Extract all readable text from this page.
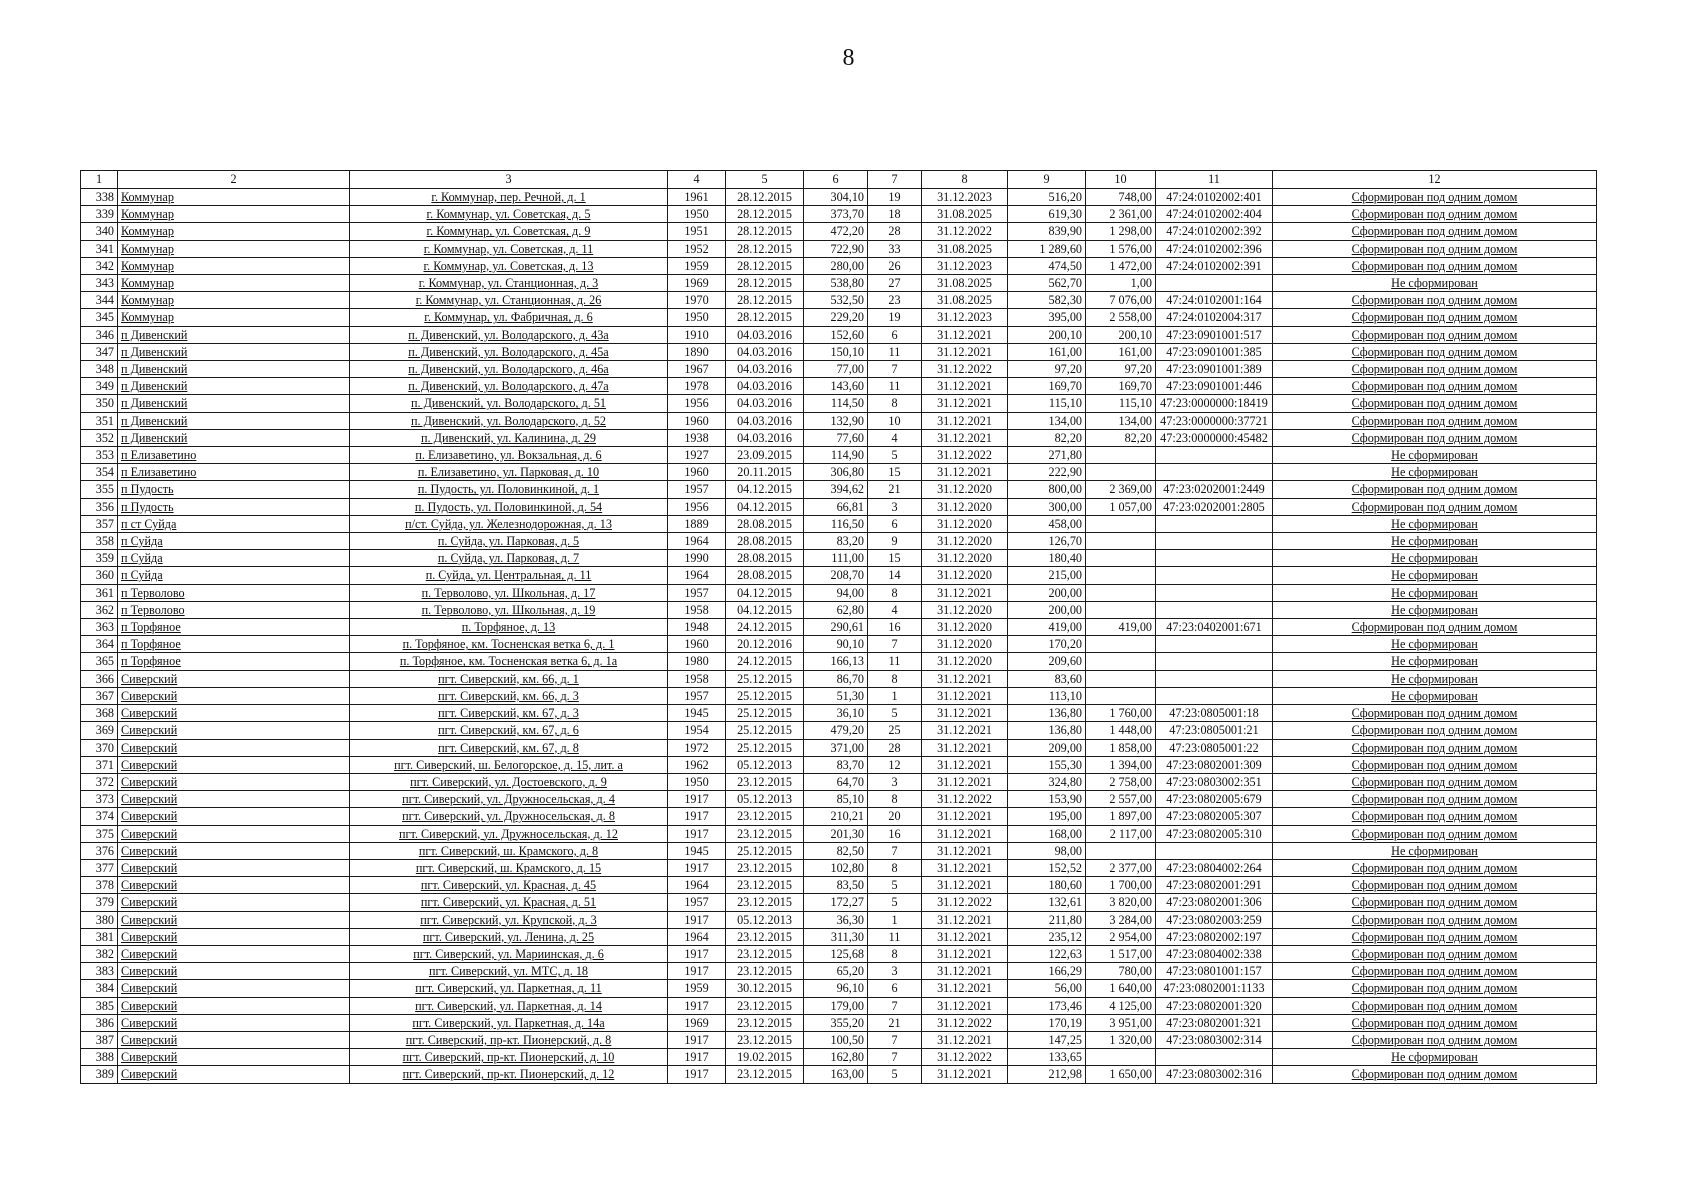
8
1	2	3	4	5	6	7	8	9	10	11	12
338	Коммунар	г. Коммунар, пер. Речной, д. 1	1961	28.12.2015	304,10	19	31.12.2023	516,20	748,00	47:24:0102002:401	Сформирован под одним домом
339	Коммунар	г. Коммунар, ул. Советская, д. 5	1950	28.12.2015	373,70	18	31.08.2025	619,30	2 361,00	47:24:0102002:404	Сформирован под одним домом
340	Коммунар	г. Коммунар, ул. Советская, д. 9	1951	28.12.2015	472,20	28	31.12.2022	839,90	1 298,00	47:24:0102002:392	Сформирован под одним домом
341	Коммунар	г. Коммунар, ул. Советская, д. 11	1952	28.12.2015	722,90	33	31.08.2025	1 289,60	1 576,00	47:24:0102002:396	Сформирован под одним домом
342	Коммунар	г. Коммунар, ул. Советская, д. 13	1959	28.12.2015	280,00	26	31.12.2023	474,50	1 472,00	47:24:0102002:391	Сформирован под одним домом
343	Коммунар	г. Коммунар, ул. Станционная, д. 3	1969	28.12.2015	538,80	27	31.08.2025	562,70	1,00		Не сформирован
344	Коммунар	г. Коммунар, ул. Станционная, д. 26	1970	28.12.2015	532,50	23	31.08.2025	582,30	7 076,00	47:24:0102001:164	Сформирован под одним домом
345	Коммунар	г. Коммунар, ул. Фабричная, д. 6	1950	28.12.2015	229,20	19	31.12.2023	395,00	2 558,00	47:24:0102004:317	Сформирован под одним домом
346	п Дивенский	п. Дивенский, ул. Володарского, д. 43а	1910	04.03.2016	152,60	6	31.12.2021	200,10	200,10	47:23:0901001:517	Сформирован под одним домом
347	п Дивенский	п. Дивенский, ул. Володарского, д. 45а	1890	04.03.2016	150,10	11	31.12.2021	161,00	161,00	47:23:0901001:385	Сформирован под одним домом
348	п Дивенский	п. Дивенский, ул. Володарского, д. 46а	1967	04.03.2016	77,00	7	31.12.2022	97,20	97,20	47:23:0901001:389	Сформирован под одним домом
349	п Дивенский	п. Дивенский, ул. Володарского, д. 47а	1978	04.03.2016	143,60	11	31.12.2021	169,70	169,70	47:23:0901001:446	Сформирован под одним домом
350	п Дивенский	п. Дивенский, ул. Володарского, д. 51	1956	04.03.2016	114,50	8	31.12.2021	115,10	115,10	47:23:0000000:18419	Сформирован под одним домом
351	п Дивенский	п. Дивенский, ул. Володарского, д. 52	1960	04.03.2016	132,90	10	31.12.2021	134,00	134,00	47:23:0000000:37721	Сформирован под одним домом
352	п Дивенский	п. Дивенский, ул. Калинина, д. 29	1938	04.03.2016	77,60	4	31.12.2021	82,20	82,20	47:23:0000000:45482	Сформирован под одним домом
353	п Елизаветино	п. Елизаветино, ул. Вокзальная, д. 6	1927	23.09.2015	114,90	5	31.12.2022	271,80			Не сформирован
354	п Елизаветино	п. Елизаветино, ул. Парковая, д. 10	1960	20.11.2015	306,80	15	31.12.2021	222,90			Не сформирован
355	п Пудость	п. Пудость, ул. Половинкиной, д. 1	1957	04.12.2015	394,62	21	31.12.2020	800,00	2 369,00	47:23:0202001:2449	Сформирован под одним домом
356	п Пудость	п. Пудость, ул. Половинкиной, д. 54	1956	04.12.2015	66,81	3	31.12.2020	300,00	1 057,00	47:23:0202001:2805	Сформирован под одним домом
357	п ст Суйда	п/ст. Суйда, ул. Железнодорожная, д. 13	1889	28.08.2015	116,50	6	31.12.2020	458,00			Не сформирован
358	п Суйда	п. Суйда, ул. Парковая, д. 5	1964	28.08.2015	83,20	9	31.12.2020	126,70			Не сформирован
359	п Суйда	п. Суйда, ул. Парковая, д. 7	1990	28.08.2015	111,00	15	31.12.2020	180,40			Не сформирован
360	п Суйда	п. Суйда, ул. Центральная, д. 11	1964	28.08.2015	208,70	14	31.12.2020	215,00			Не сформирован
361	п Терволово	п. Терволово, ул. Школьная, д. 17	1957	04.12.2015	94,00	8	31.12.2021	200,00			Не сформирован
362	п Терволово	п. Терволово, ул. Школьная, д. 19	1958	04.12.2015	62,80	4	31.12.2020	200,00			Не сформирован
363	п Торфяное	п. Торфяное, д. 13	1948	24.12.2015	290,61	16	31.12.2020	419,00	419,00	47:23:0402001:671	Сформирован под одним домом
364	п Торфяное	п. Торфяное, км. Тосненская ветка 6, д. 1	1960	20.12.2016	90,10	7	31.12.2020	170,20			Не сформирован
365	п Торфяное	п. Торфяное, км. Тосненская ветка 6, д. 1а	1980	24.12.2015	166,13	11	31.12.2020	209,60			Не сформирован
366	Сиверский	пгт. Сиверский, км. 66, д. 1	1958	25.12.2015	86,70	8	31.12.2021	83,60			Не сформирован
367	Сиверский	пгт. Сиверский, км. 66, д. 3	1957	25.12.2015	51,30	1	31.12.2021	113,10			Не сформирован
368	Сиверский	пгт. Сиверский, км. 67, д. 3	1945	25.12.2015	36,10	5	31.12.2021	136,80	1 760,00	47:23:0805001:18	Сформирован под одним домом
369	Сиверский	пгт. Сиверский, км. 67, д. 6	1954	25.12.2015	479,20	25	31.12.2021	136,80	1 448,00	47:23:0805001:21	Сформирован под одним домом
370	Сиверский	пгт. Сиверский, км. 67, д. 8	1972	25.12.2015	371,00	28	31.12.2021	209,00	1 858,00	47:23:0805001:22	Сформирован под одним домом
371	Сиверский	пгт. Сиверский, ш. Белогорское, д. 15, лит. а	1962	05.12.2013	83,70	12	31.12.2021	155,30	1 394,00	47:23:0802001:309	Сформирован под одним домом
372	Сиверский	пгт. Сиверский, ул. Достоевского, д. 9	1950	23.12.2015	64,70	3	31.12.2021	324,80	2 758,00	47:23:0803002:351	Сформирован под одним домом
373	Сиверский	пгт. Сиверский, ул. Дружносельская, д. 4	1917	05.12.2013	85,10	8	31.12.2022	153,90	2 557,00	47:23:0802005:679	Сформирован под одним домом
374	Сиверский	пгт. Сиверский, ул. Дружносельская, д. 8	1917	23.12.2015	210,21	20	31.12.2021	195,00	1 897,00	47:23:0802005:307	Сформирован под одним домом
375	Сиверский	пгт. Сиверский, ул. Дружносельская, д. 12	1917	23.12.2015	201,30	16	31.12.2021	168,00	2 117,00	47:23:0802005:310	Сформирован под одним домом
376	Сиверский	пгт. Сиверский, ш. Крамского, д. 8	1945	25.12.2015	82,50	7	31.12.2021	98,00			Не сформирован
377	Сиверский	пгт. Сиверский, ш. Крамского, д. 15	1917	23.12.2015	102,80	8	31.12.2021	152,52	2 377,00	47:23:0804002:264	Сформирован под одним домом
378	Сиверский	пгт. Сиверский, ул. Красная, д. 45	1964	23.12.2015	83,50	5	31.12.2021	180,60	1 700,00	47:23:0802001:291	Сформирован под одним домом
379	Сиверский	пгт. Сиверский, ул. Красная, д. 51	1957	23.12.2015	172,27	5	31.12.2022	132,61	3 820,00	47:23:0802001:306	Сформирован под одним домом
380	Сиверский	пгт. Сиверский, ул. Крупской, д. 3	1917	05.12.2013	36,30	1	31.12.2021	211,80	3 284,00	47:23:0802003:259	Сформирован под одним домом
381	Сиверский	пгт. Сиверский, ул. Ленина, д. 25	1964	23.12.2015	311,30	11	31.12.2021	235,12	2 954,00	47:23:0802002:197	Сформирован под одним домом
382	Сиверский	пгт. Сиверский, ул. Мариинская, д. 6	1917	23.12.2015	125,68	8	31.12.2021	122,63	1 517,00	47:23:0804002:338	Сформирован под одним домом
383	Сиверский	пгт. Сиверский, ул. МТС, д. 18	1917	23.12.2015	65,20	3	31.12.2021	166,29	780,00	47:23:0801001:157	Сформирован под одним домом
384	Сиверский	пгт. Сиверский, ул. Паркетная, д. 11	1959	30.12.2015	96,10	6	31.12.2021	56,00	1 640,00	47:23:0802001:1133	Сформирован под одним домом
385	Сиверский	пгт. Сиверский, ул. Паркетная, д. 14	1917	23.12.2015	179,00	7	31.12.2021	173,46	4 125,00	47:23:0802001:320	Сформирован под одним домом
386	Сиверский	пгт. Сиверский, ул. Паркетная, д. 14а	1969	23.12.2015	355,20	21	31.12.2022	170,19	3 951,00	47:23:0802001:321	Сформирован под одним домом
387	Сиверский	пгт. Сиверский, пр-кт. Пионерский, д. 8	1917	23.12.2015	100,50	7	31.12.2021	147,25	1 320,00	47:23:0803002:314	Сформирован под одним домом
388	Сиверский	пгт. Сиверский, пр-кт. Пионерский, д. 10	1917	19.02.2015	162,80	7	31.12.2022	133,65			Не сформирован
389	Сиверский	пгт. Сиверский, пр-кт. Пионерский, д. 12	1917	23.12.2015	163,00	5	31.12.2021	212,98	1 650,00	47:23:0803002:316	Сформирован под одним домом
